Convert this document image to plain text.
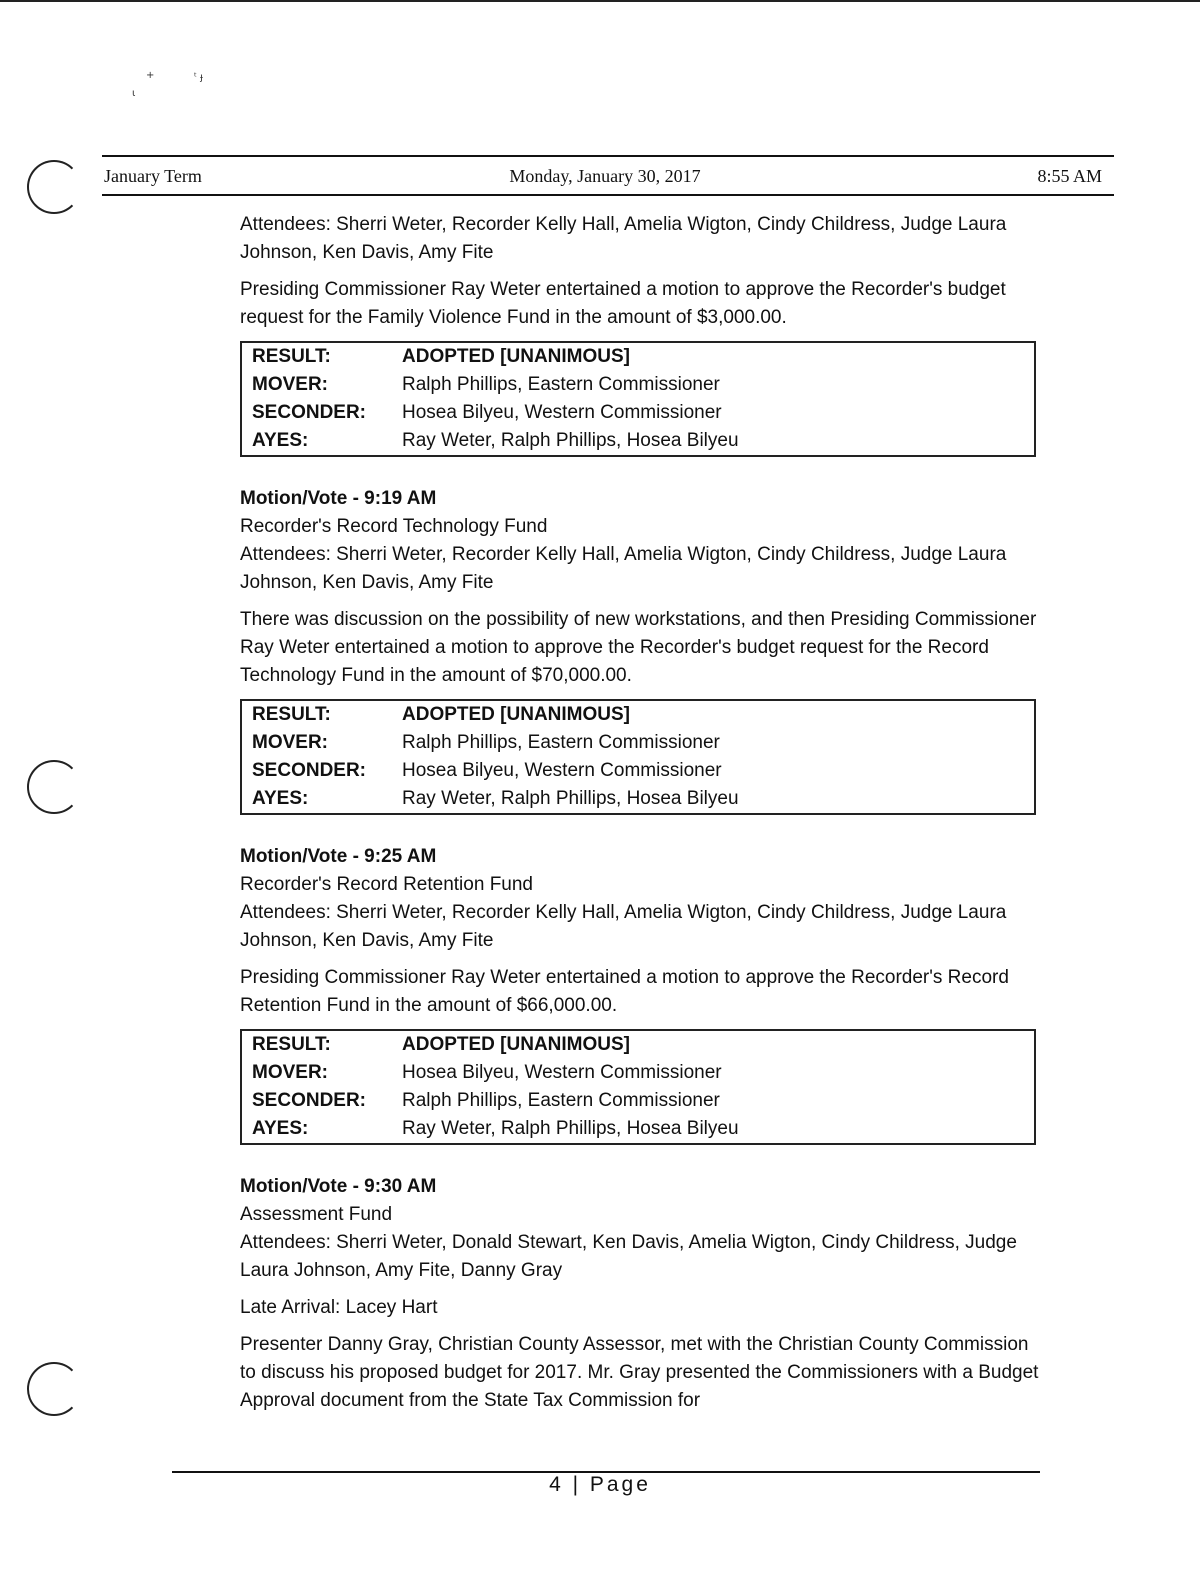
+	ᵗ ɟ
ɩ
January Term	Monday, January 30, 2017	8:55 AM

Attendees: Sherri Weter, Recorder Kelly Hall, Amelia Wigton, Cindy Childress, Judge Laura Johnson, Ken Davis, Amy Fite

Presiding Commissioner Ray Weter entertained a motion to approve the Recorder's budget request for the Family Violence Fund in the amount of $3,000.00.

RESULT:	ADOPTED [UNANIMOUS]
MOVER:	Ralph Phillips, Eastern Commissioner
SECONDER:	Hosea Bilyeu, Western Commissioner
AYES:	Ray Weter, Ralph Phillips, Hosea Bilyeu

Motion/Vote - 9:19 AM

Recorder's Record Technology Fund

Attendees: Sherri Weter, Recorder Kelly Hall, Amelia Wigton, Cindy Childress, Judge Laura Johnson, Ken Davis, Amy Fite

There was discussion on the possibility of new workstations, and then Presiding Commissioner Ray Weter entertained a motion to approve the Recorder's budget request for the Record Technology Fund in the amount of $70,000.00.

RESULT:	ADOPTED [UNANIMOUS]
MOVER:	Ralph Phillips, Eastern Commissioner
SECONDER:	Hosea Bilyeu, Western Commissioner
AYES:	Ray Weter, Ralph Phillips, Hosea Bilyeu

Motion/Vote - 9:25 AM

Recorder's Record Retention Fund

Attendees: Sherri Weter, Recorder Kelly Hall, Amelia Wigton, Cindy Childress, Judge Laura Johnson, Ken Davis, Amy Fite

Presiding Commissioner Ray Weter entertained a motion to approve the Recorder's Record Retention Fund in the amount of $66,000.00.

RESULT:	ADOPTED [UNANIMOUS]
MOVER:	Hosea Bilyeu, Western Commissioner
SECONDER:	Ralph Phillips, Eastern Commissioner
AYES:	Ray Weter, Ralph Phillips, Hosea Bilyeu

Motion/Vote - 9:30 AM

Assessment Fund

Attendees: Sherri Weter, Donald Stewart, Ken Davis, Amelia Wigton, Cindy Childress, Judge Laura Johnson, Amy Fite, Danny Gray

Late Arrival: Lacey Hart

Presenter Danny Gray, Christian County Assessor, met with the Christian County Commission to discuss his proposed budget for 2017. Mr. Gray presented the Commissioners with a Budget Approval document from the State Tax Commission for

4 | Page
